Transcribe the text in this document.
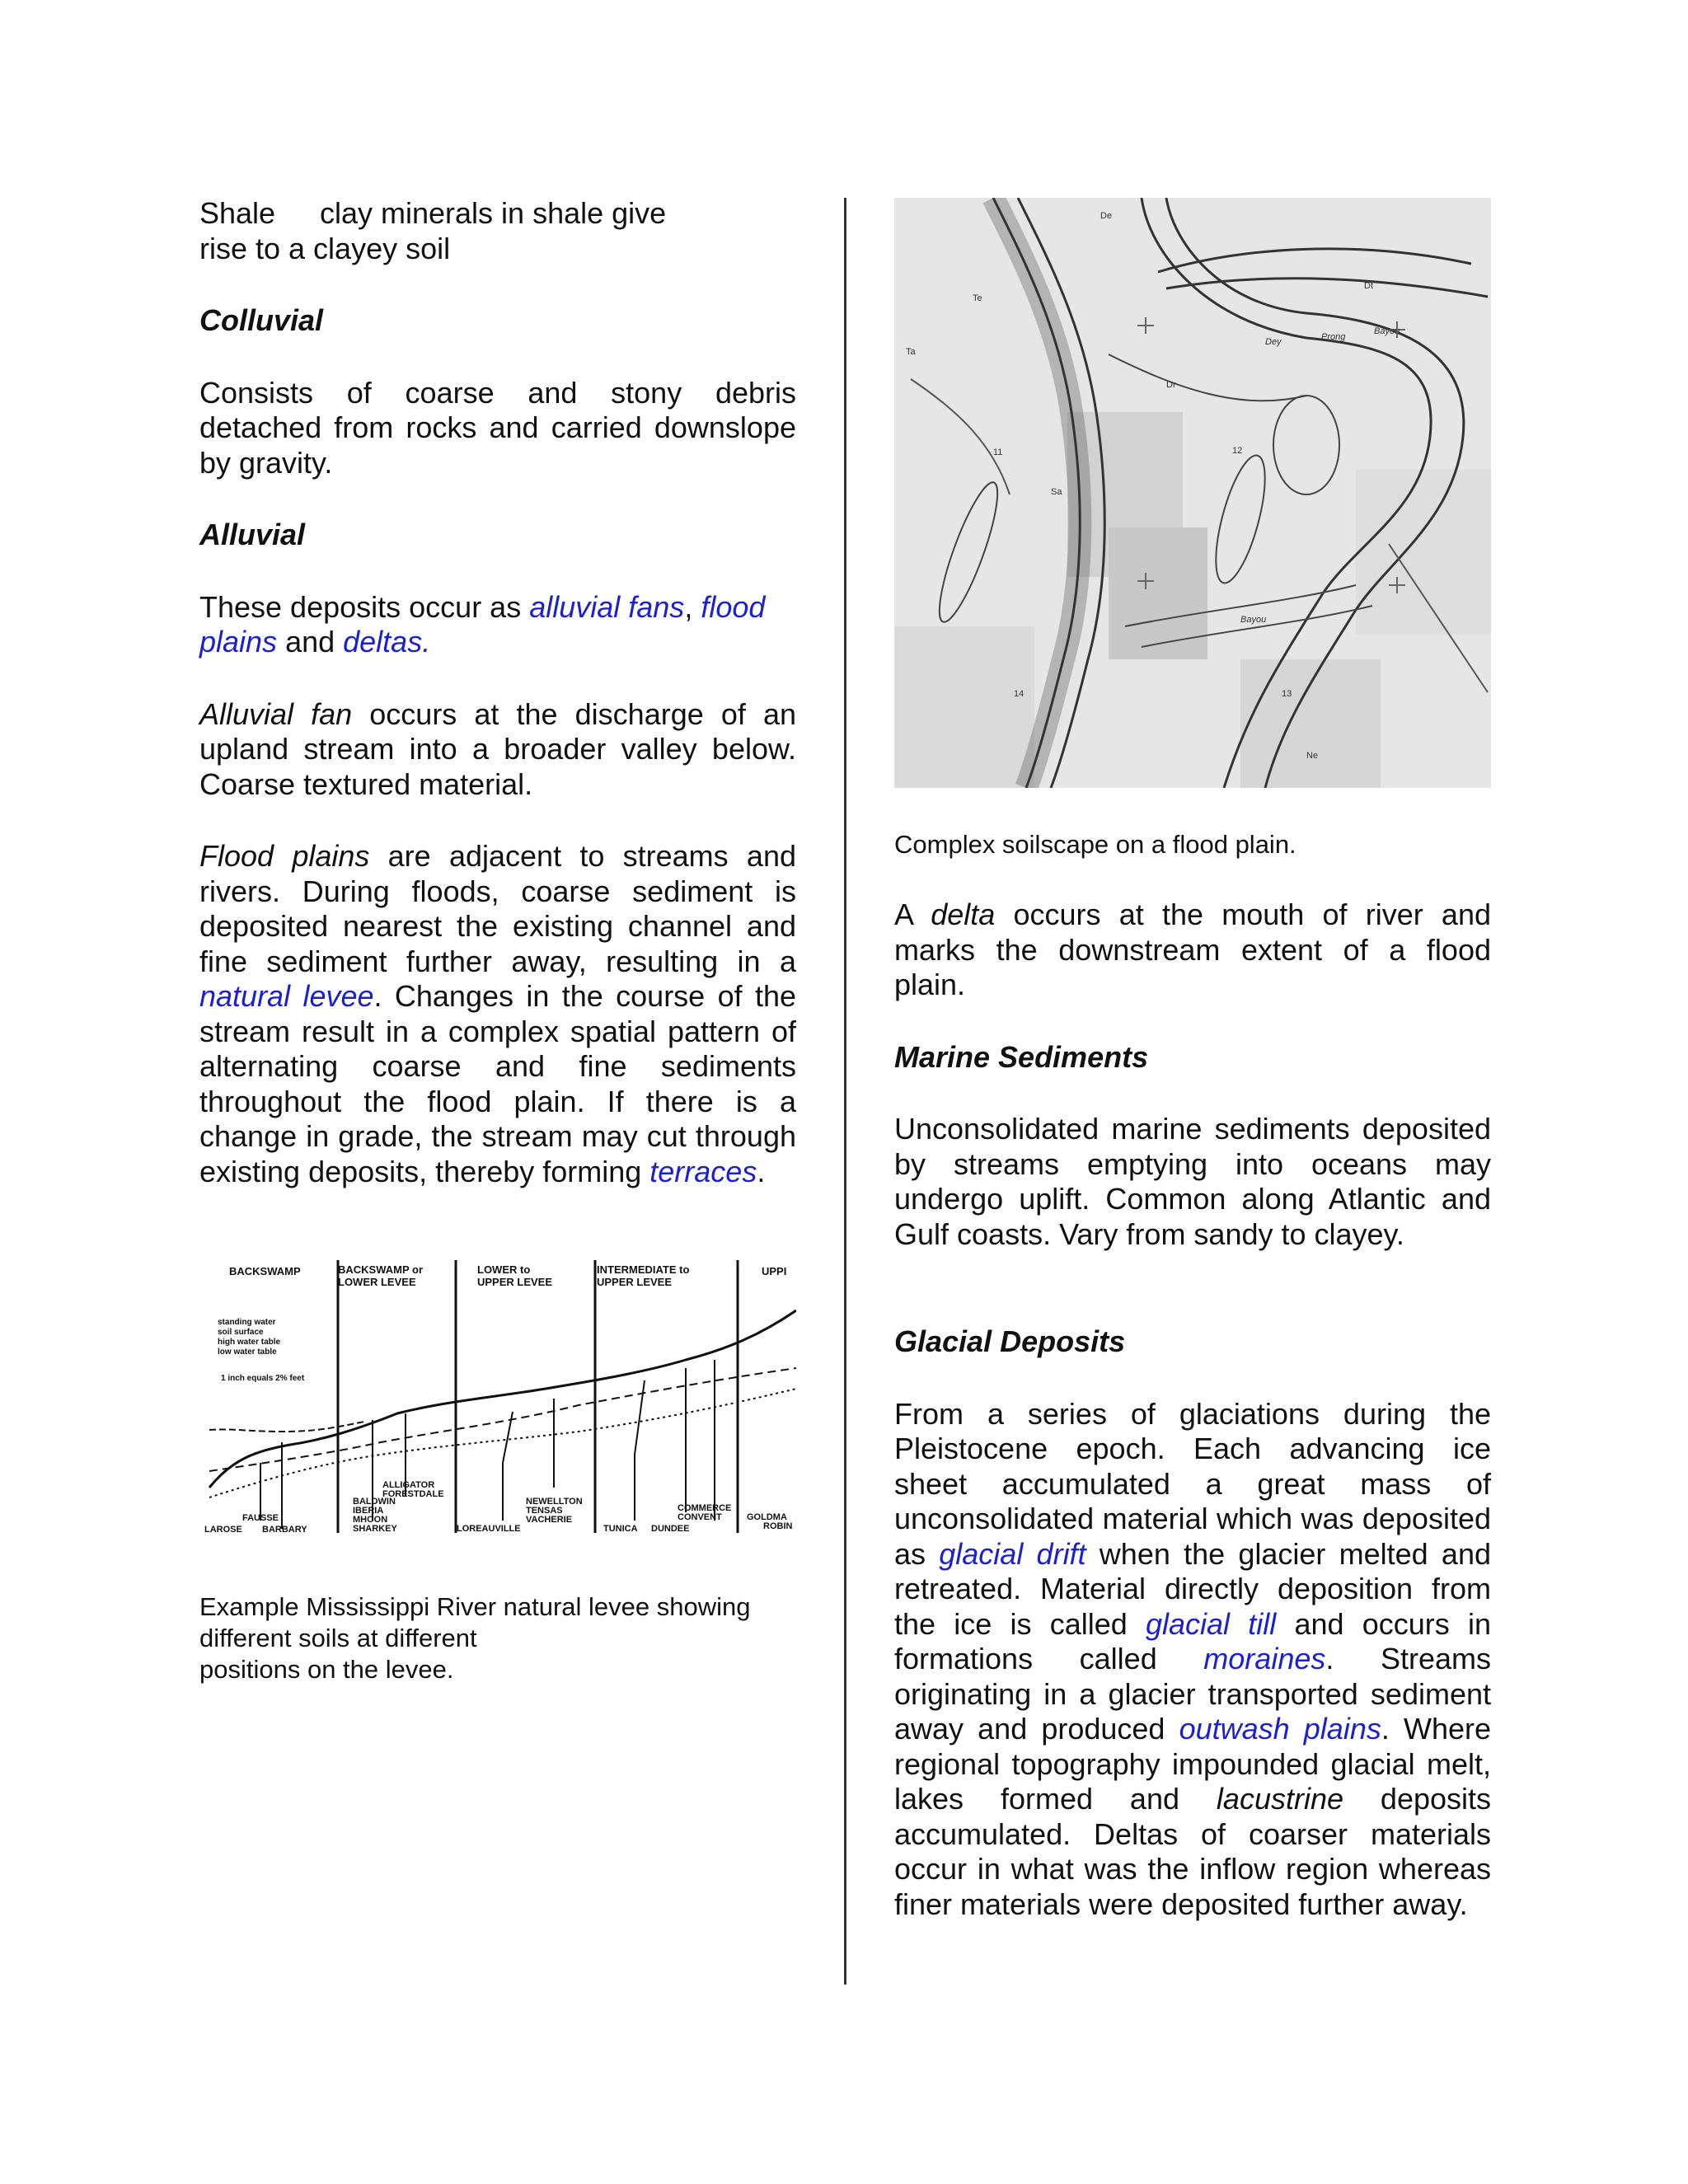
Shale clay minerals in shale give
rise to a clayey soil

Colluvial

Consists of coarse and stony debris detached from rocks and carried downslope by gravity.

Alluvial

These deposits occur as alluvial fans, flood plains and deltas.

Alluvial fan occurs at the discharge of an upland stream into a broader valley below. Coarse textured material.

Flood plains are adjacent to streams and rivers. During floods, coarse sediment is deposited nearest the existing channel and fine sediment further away, resulting in a natural levee. Changes in the course of the stream result in a complex spatial pattern of alternating coarse and fine sediments throughout the flood plain. If there is a change in grade, the stream may cut through existing deposits, thereby forming terraces.

BACKSWAMP	BACKSWAMP or
LOWER LEVEE
LOWER to
UPPER LEVEE
INTERMEDIATE to
UPPER LEVEE
UPPI
standing water
soil surface
high water table
low water table
1 inch equals 2% feet
FAUSSE
LAROSE BARBARY
ALLIGATOR
FORESTDALE
BALDWIN
IBERIA
MHOON
SHARKEY	LOREAUVILLE
NEWELLTON
TENSAS
VACHERIE
TUNICA DUNDEE
COMMERCE
CONVENT	GOLDMA
ROBIN

Example Mississippi River natural levee showing
different soils at different
positions on the levee.

De
Te
Dr
Sa
Ta
Dt
11	12
13
14
Ne
Dey	Prong
Bayou
Bayou

Complex soilscape on a flood plain.

A delta occurs at the mouth of river and marks the downstream extent of a flood plain.

Marine Sediments

Unconsolidated marine sediments deposited by streams emptying into oceans may undergo uplift. Common along Atlantic and Gulf coasts. Vary from sandy to clayey.

Glacial Deposits

From a series of glaciations during the Pleistocene epoch. Each advancing ice sheet accumulated a great mass of unconsolidated material which was deposited as glacial drift when the glacier melted and retreated. Material directly deposition from the ice is called glacial till and occurs in formations called moraines. Streams originating in a glacier transported sediment away and produced outwash plains. Where regional topography impounded glacial melt, lakes formed and lacustrine deposits accumulated. Deltas of coarser materials occur in what was the inflow region whereas finer materials were deposited further away.
